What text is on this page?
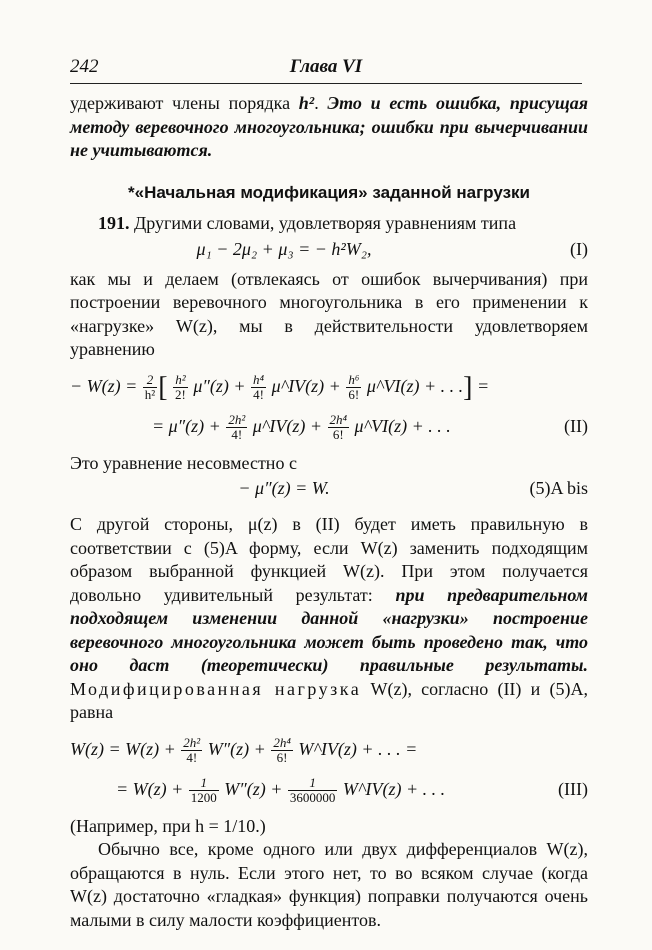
242	Глава VI
удерживают члены порядка h². Это и есть ошибка, присущая методу веревочного многоугольника; ошибки при вычерчивании не учитываются.
*«Начальная модификация» заданной нагрузки
191. Другими словами, удовлетворяя уравнениям типа
μ₁ − 2μ₂ + μ₃ = − h²W₂,	(I)
как мы и делаем (отвлекаясь от ошибок вычерчивания) при построении веревочного многоугольника в его применении к «нагрузке» W(z), мы в действительности удовлетворяем уравнению
− $W(z) = \frac{2}{\text{h²}}$ [ $\frac{\text{h²}}{2!} \mu''(z) + \frac{\text{h⁴}}{4!}$ μ^IV(z) + $\frac{\text{h⁶}}{6!}$ μ^VI(z) + . . .] =
= $\mu''(z) + \frac{\text{2h²}}{4!}$ μ^IV(z) + $\frac{\text{2h⁴}}{6!}$ μ^VI(z) + . . .	(II)
Это уравнение несовместно с
− μ″(z) = W.	(5)A bis
С другой стороны, μ(z) в (II) будет иметь правильную в соответствии с (5)A форму, если W(z) заменить подходящим образом выбранной функцией W(z). При этом получается довольно удивительный результат: при предварительном подходящем изменении данной «нагрузки» построение веревочного многоугольника может быть проведено так, что оно даст (теоретически) правильные результаты. Модифицированная нагрузка W(z), согласно (II) и (5)A, равна
$W(z) = W(z) + \frac{\text{2h²}}{4!} W''(z) + \frac{\text{2h⁴}}{6!}$ W^IV(z) + . . . =
= $W(z) + \frac{1}{1200} W''(z) + \frac{1}{3600000}$ W^IV(z) + . . .	(III)
(Например, при h = 1/10.)
Обычно все, кроме одного или двух дифференциалов W(z), обращаются в нуль. Если этого нет, то во всяком случае (когда W(z) достаточно «гладкая» функция) поправки получаются очень малыми в силу малости коэффициентов.
